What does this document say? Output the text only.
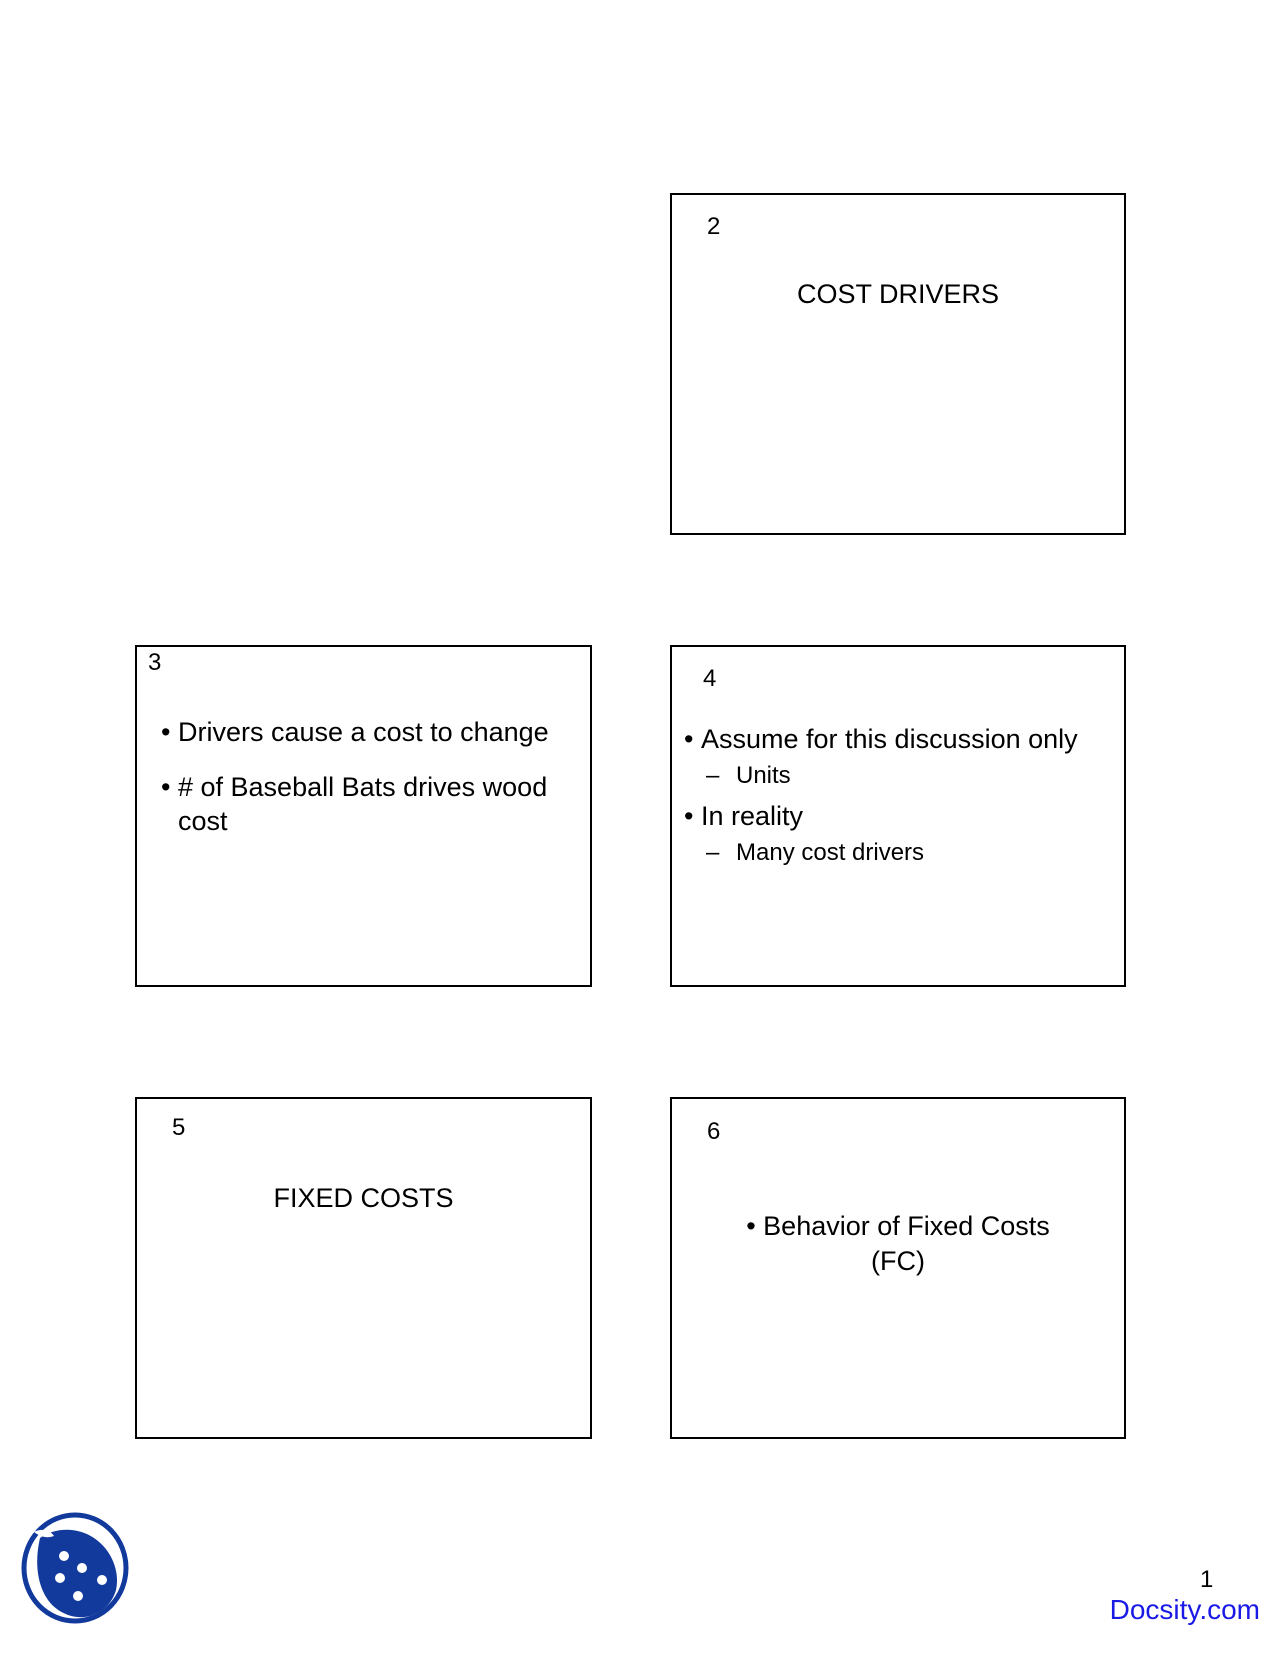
2
COST DRIVERS
3
• Drivers cause a cost to change
• # of Baseball Bats drives wood
cost
4
• Assume for this discussion only
– Units
• In reality
– Many cost drivers
5
FIXED COSTS
6
• Behavior of Fixed Costs
(FC)
1
Docsity.com
